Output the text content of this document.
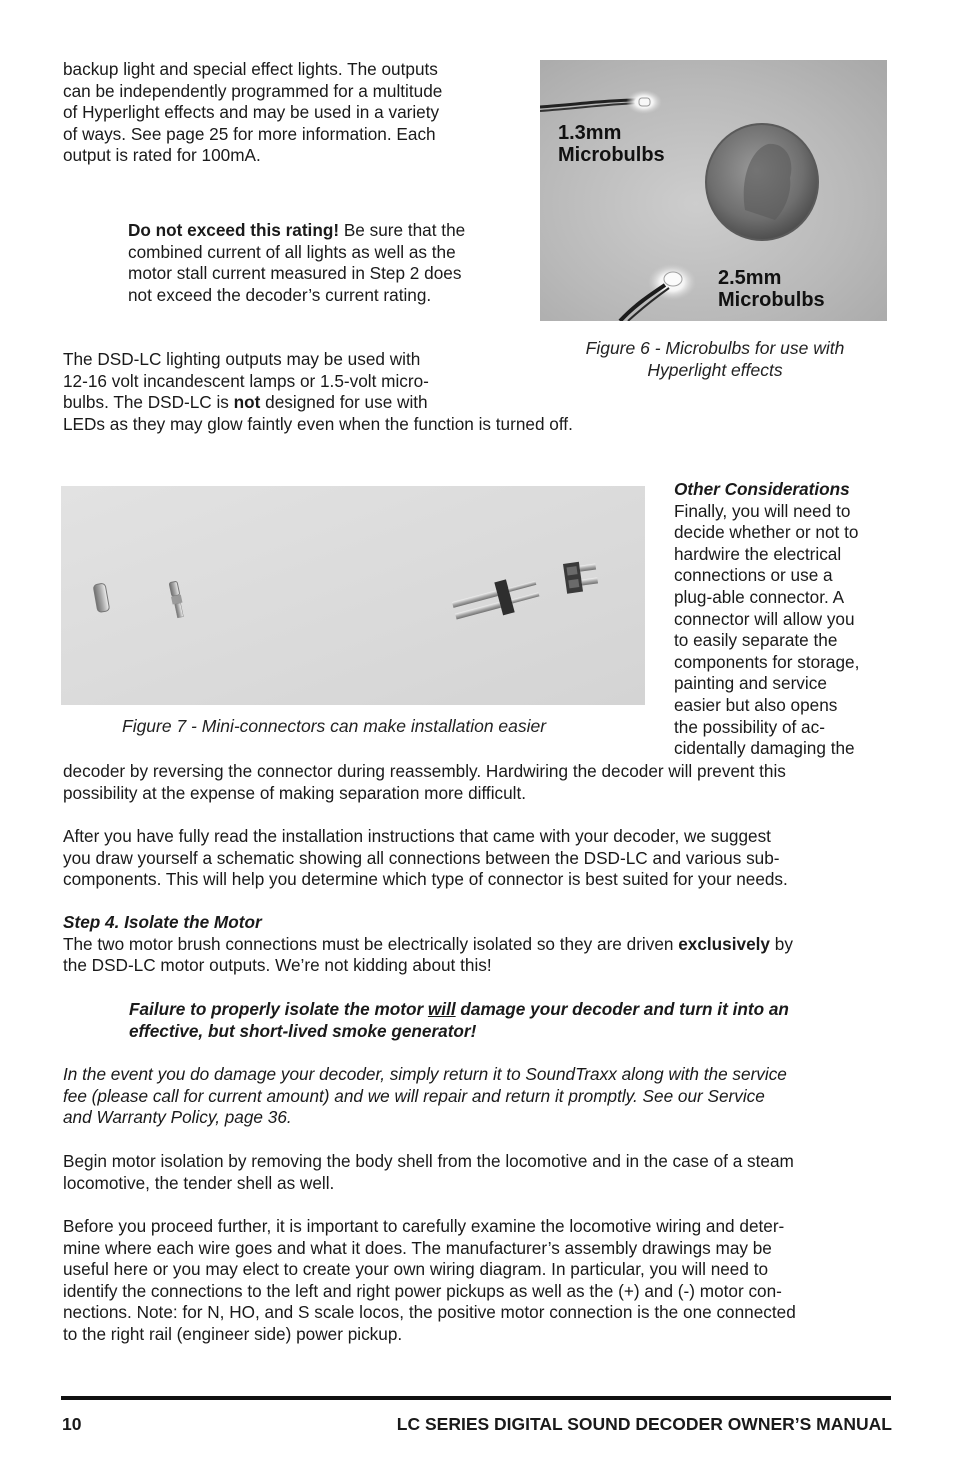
backup light and special effect lights. The outputs
can be independently programmed for a multitude
of Hyperlight effects and may be used in a variety
of ways. See page 25 for more information. Each
output is rated for 100mA.
Do not exceed this rating! Be sure that the
combined current of all lights as well as the
motor stall current measured in Step 2 does
not exceed the decoder’s current rating.
1.3mm
Microbulbs
2.5mm
Microbulbs
Figure 6 - Microbulbs for use with
Hyperlight effects
The DSD-LC lighting outputs may be used with
12-16 volt incandescent lamps or 1.5-volt micro-
bulbs. The DSD-LC is not designed for use with
LEDs as they may glow faintly even when the function is turned off.
Figure 7 - Mini-connectors can make installation easier
Other Considerations
Finally, you will need to
decide whether or not to
hardwire the electrical
connections or use a
plug-able connector. A
connector will allow you
to easily separate the
components for storage,
painting and service
easier but also opens
the possibility of ac-
cidentally damaging the
decoder by reversing the connector during reassembly. Hardwiring the decoder will prevent this
possibility at the expense of making separation more difficult.
After you have fully read the installation instructions that came with your decoder, we suggest
you draw yourself a schematic showing all connections between the DSD-LC and various sub-
components. This will help you determine which type of connector is best suited for your needs.
Step 4. Isolate the Motor
The two motor brush connections must be electrically isolated so they are driven exclusively by
the DSD-LC motor outputs. We’re not kidding about this!
Failure to properly isolate the motor will damage your decoder and turn it into an
effective, but short-lived smoke generator!
In the event you do damage your decoder, simply return it to SoundTraxx along with the service
fee (please call for current amount) and we will repair and return it promptly. See our Service
and Warranty Policy, page 36.
Begin motor isolation by removing the body shell from the locomotive and in the case of a steam
locomotive, the tender shell as well.
Before you proceed further, it is important to carefully examine the locomotive wiring and deter-
mine where each wire goes and what it does. The manufacturer’s assembly drawings may be
useful here or you may elect to create your own wiring diagram. In particular, you will need to
identify the connections to the left and right power pickups as well as the (+) and (-) motor con-
nections. Note: for N, HO, and S scale locos, the positive motor connection is the one connected
to the right rail (engineer side) power pickup.
10	LC SERIES DIGITAL SOUND DECODER OWNER’S MANUAL
